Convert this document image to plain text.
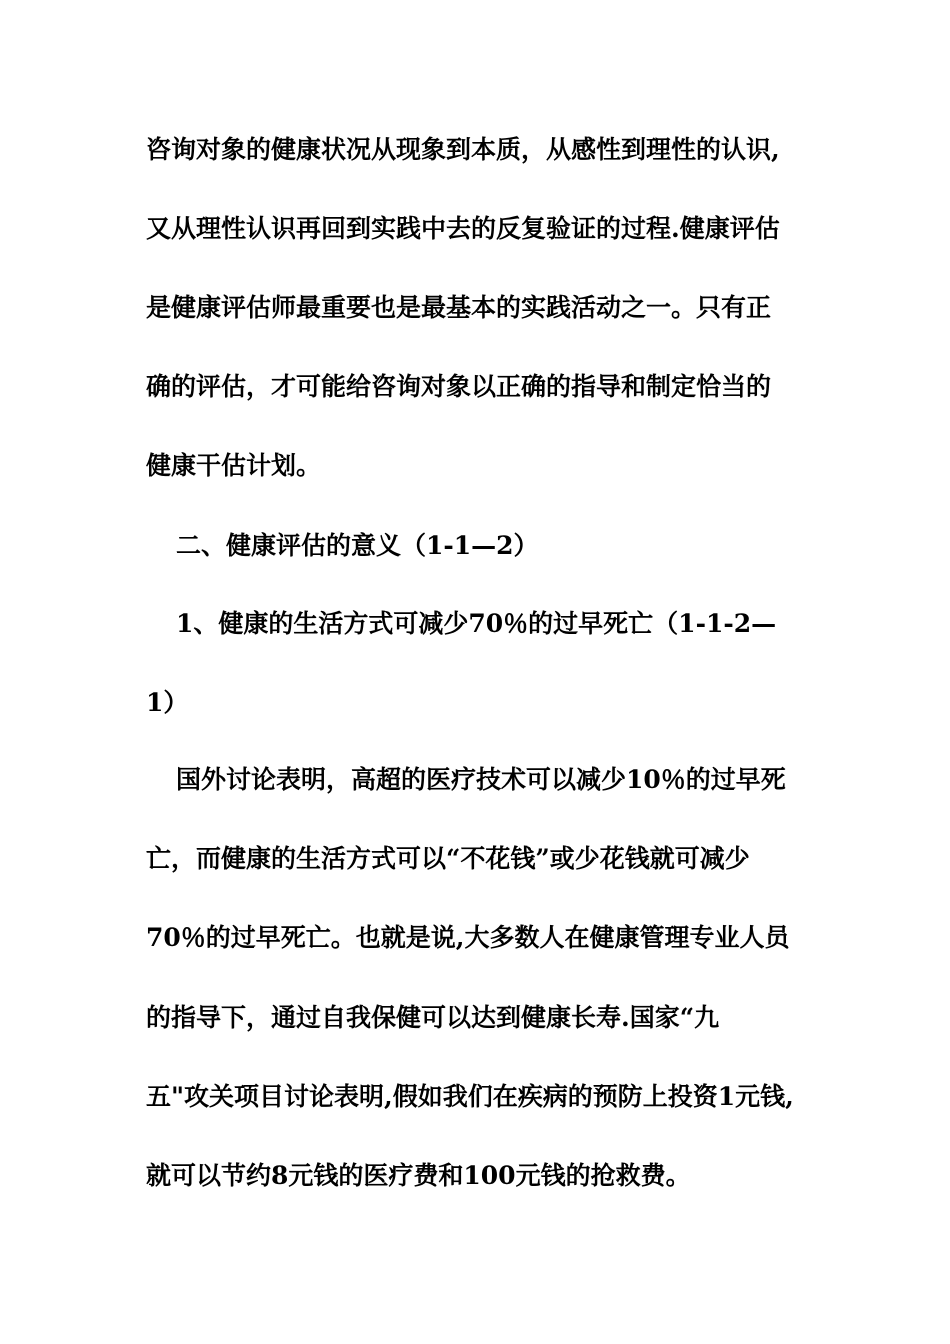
咨询对象的健康状况从现象到本质，从感性到理性的认识,
又从理性认识再回到实践中去的反复验证的过程.健康评估
是健康评估师最重要也是最基本的实践活动之一。只有正
确的评估，才可能给咨询对象以正确的指导和制定恰当的
健康干估计划。
二、健康评估的意义（1-1—2）
1、健康的生活方式可减少70％的过早死亡（1-1-2—
1）
国外讨论表明，高超的医疗技术可以减少10％的过早死
亡，而健康的生活方式可以“不花钱”或少花钱就可减少
70％的过早死亡。也就是说,大多数人在健康管理专业人员
的指导下，通过自我保健可以达到健康长寿.国家“九
五"攻关项目讨论表明,假如我们在疾病的预防上投资1元钱,
就可以节约8元钱的医疗费和100元钱的抢救费。
